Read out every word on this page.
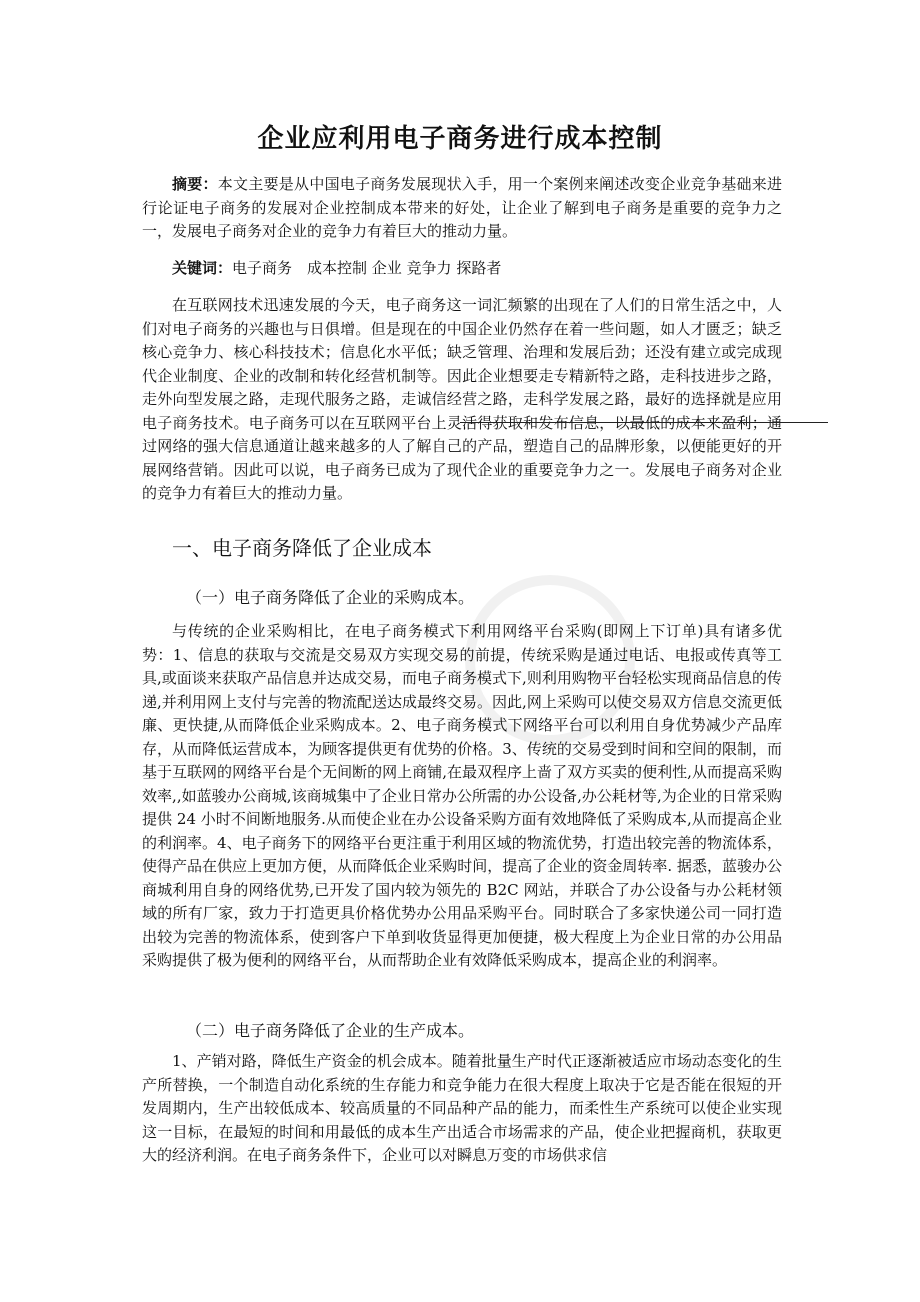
企业应利用电子商务进行成本控制

摘要：本文主要是从中国电子商务发展现状入手，用一个案例来阐述改变企业竞争基础来进行论证电子商务的发展对企业控制成本带来的好处，让企业了解到电子商务是重要的竞争力之一，发展电子商务对企业的竞争力有着巨大的推动力量。

关键词：电子商务　成本控制 企业 竞争力 探路者

在互联网技术迅速发展的今天，电子商务这一词汇频繁的出现在了人们的日常生活之中，人们对电子商务的兴趣也与日俱增。但是现在的中国企业仍然存在着一些问题，如人才匮乏；缺乏核心竞争力、核心科技技术；信息化水平低；缺乏管理、治理和发展后劲；还没有建立或完成现代企业制度、企业的改制和转化经营机制等。因此企业想要走专精新特之路，走科技进步之路，走外向型发展之路，走现代服务之路，走诚信经营之路，走科学发展之路，最好的选择就是应用电子商务技术。电子商务可以在互联网平台上灵活得获取和发布信息，以最低的成本来盈利；通过网络的强大信息通道让越来越多的人了解自己的产品，塑造自己的品牌形象，以便能更好的开展网络营销。因此可以说，电子商务已成为了现代企业的重要竞争力之一。发展电子商务对企业的竞争力有着巨大的推动力量。

一、电子商务降低了企业成本
（一）电子商务降低了企业的采购成本。

与传统的企业采购相比，在电子商务模式下利用网络平台采购(即网上下订单)具有诸多优势：1、信息的获取与交流是交易双方实现交易的前提，传统采购是通过电话、电报或传真等工具,或面谈来获取产品信息并达成交易，而电子商务模式下,则利用购物平台轻松实现商品信息的传递,并利用网上支付与完善的物流配送达成最终交易。因此,网上采购可以使交易双方信息交流更低廉、更快捷,从而降低企业采购成本。2、电子商务模式下网络平台可以利用自身优势减少产品库存，从而降低运营成本，为顾客提供更有优势的价格。3、传统的交易受到时间和空间的限制，而基于互联网的网络平台是个无间断的网上商铺,在最双程序上啬了双方买卖的便利性,从而提高采购效率,,如蓝骏办公商城,该商城集中了企业日常办公所需的办公设备,办公耗材等,为企业的日常采购提供 24 小时不间断地服务.从而使企业在办公设备采购方面有效地降低了采购成本,从而提高企业的利润率。4、电子商务下的网络平台更注重于利用区域的物流优势，打造出较完善的物流体系，使得产品在供应上更加方便，从而降低企业采购时间，提高了企业的资金周转率. 据悉，蓝骏办公商城利用自身的网络优势,已开发了国内较为领先的 B2C 网站，并联合了办公设备与办公耗材领域的所有厂家，致力于打造更具价格优势办公用品采购平台。同时联合了多家快递公司一同打造出较为完善的物流体系，使到客户下单到收货显得更加便捷，极大程度上为企业日常的办公用品采购提供了极为便利的网络平台，从而帮助企业有效降低采购成本，提高企业的利润率。

（二）电子商务降低了企业的生产成本。

1、产销对路，降低生产资金的机会成本。随着批量生产时代正逐渐被适应市场动态变化的生产所替换，一个制造自动化系统的生存能力和竞争能力在很大程度上取决于它是否能在很短的开发周期内，生产出较低成本、较高质量的不同品种产品的能力，而柔性生产系统可以使企业实现这一目标，在最短的时间和用最低的成本生产出适合市场需求的产品，使企业把握商机，获取更大的经济利润。在电子商务条件下，企业可以对瞬息万变的市场供求信
